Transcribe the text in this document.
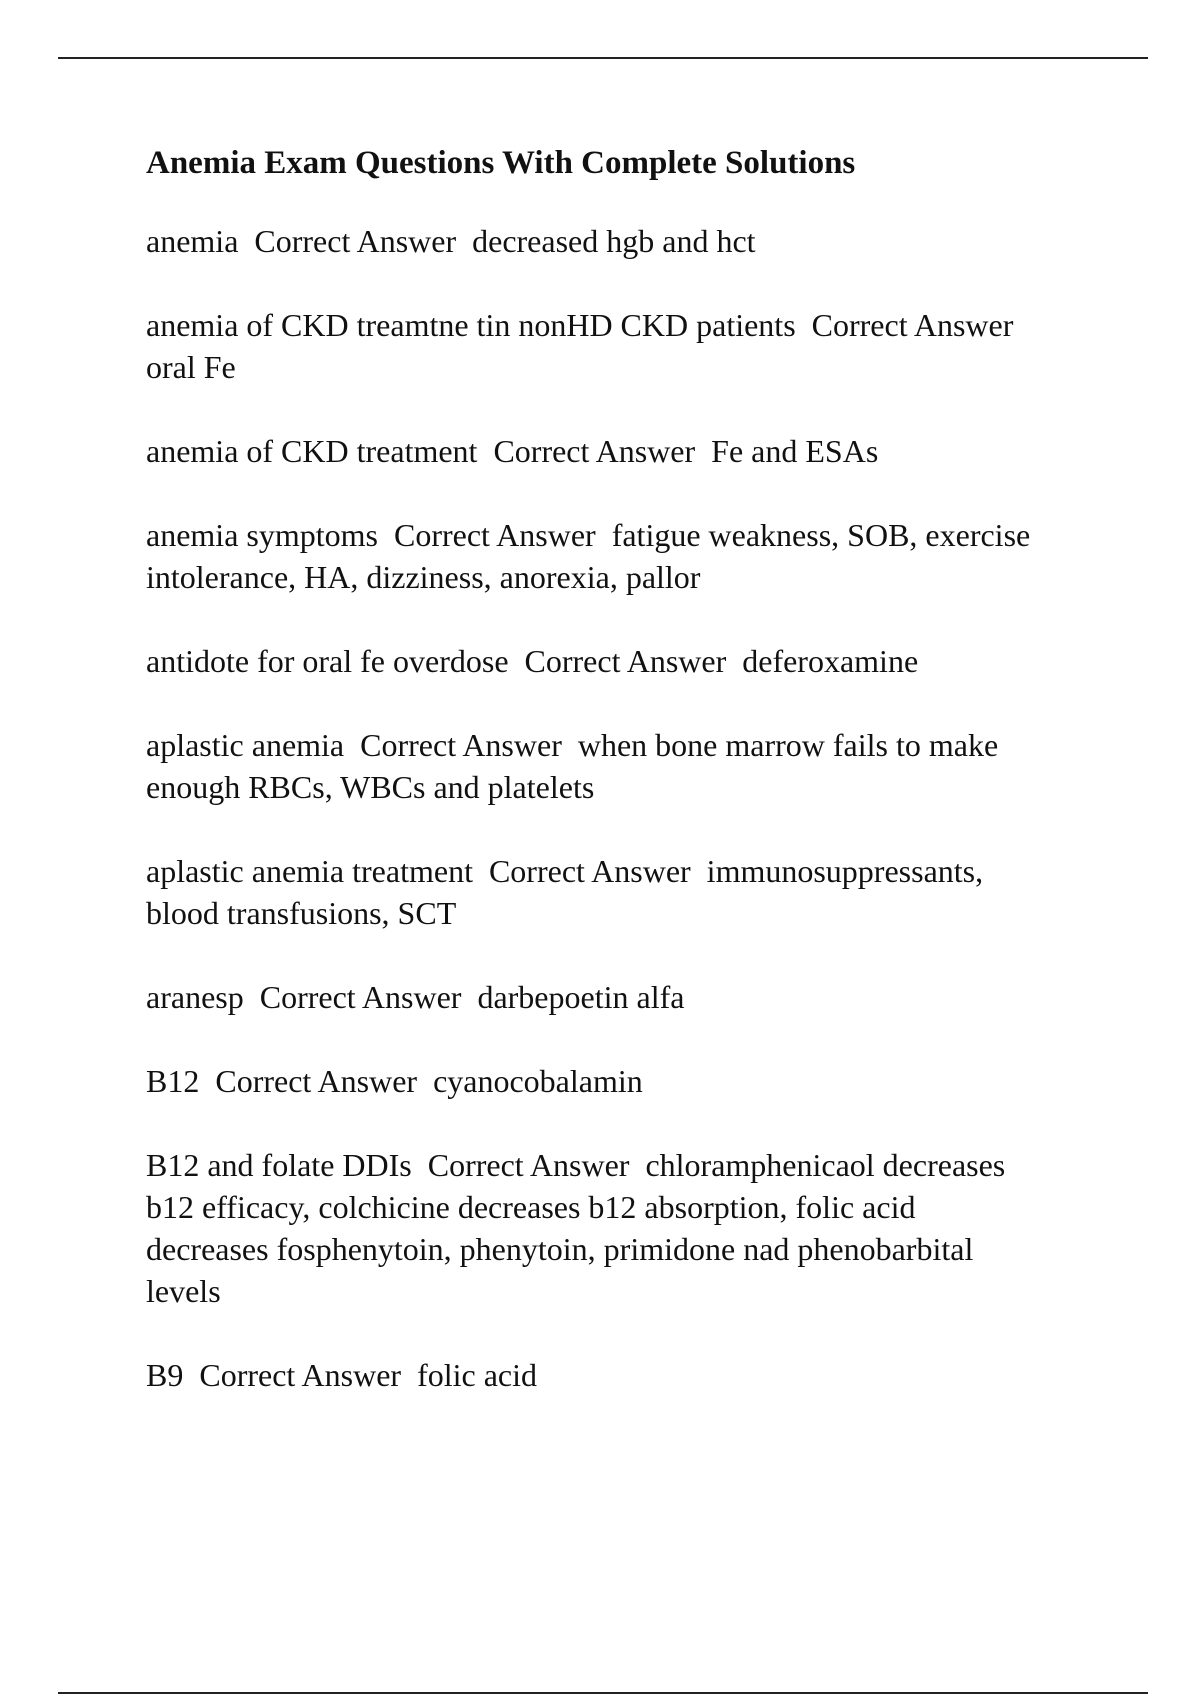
Anemia Exam Questions With Complete Solutions

anemia  Correct Answer  decreased hgb and hct

anemia of CKD treamtne tin nonHD CKD patients  Correct Answer  oral Fe

anemia of CKD treatment  Correct Answer  Fe and ESAs

anemia symptoms  Correct Answer  fatigue weakness, SOB, exercise intolerance, HA, dizziness, anorexia, pallor

antidote for oral fe overdose  Correct Answer  deferoxamine

aplastic anemia  Correct Answer  when bone marrow fails to make enough RBCs, WBCs and platelets

aplastic anemia treatment  Correct Answer  immunosuppressants, blood transfusions, SCT

aranesp  Correct Answer  darbepoetin alfa

B12  Correct Answer  cyanocobalamin

B12 and folate DDIs  Correct Answer  chloramphenicaol decreases b12 efficacy, colchicine decreases b12 absorption, folic acid decreases fosphenytoin, phenytoin, primidone nad phenobarbital levels

B9  Correct Answer  folic acid
